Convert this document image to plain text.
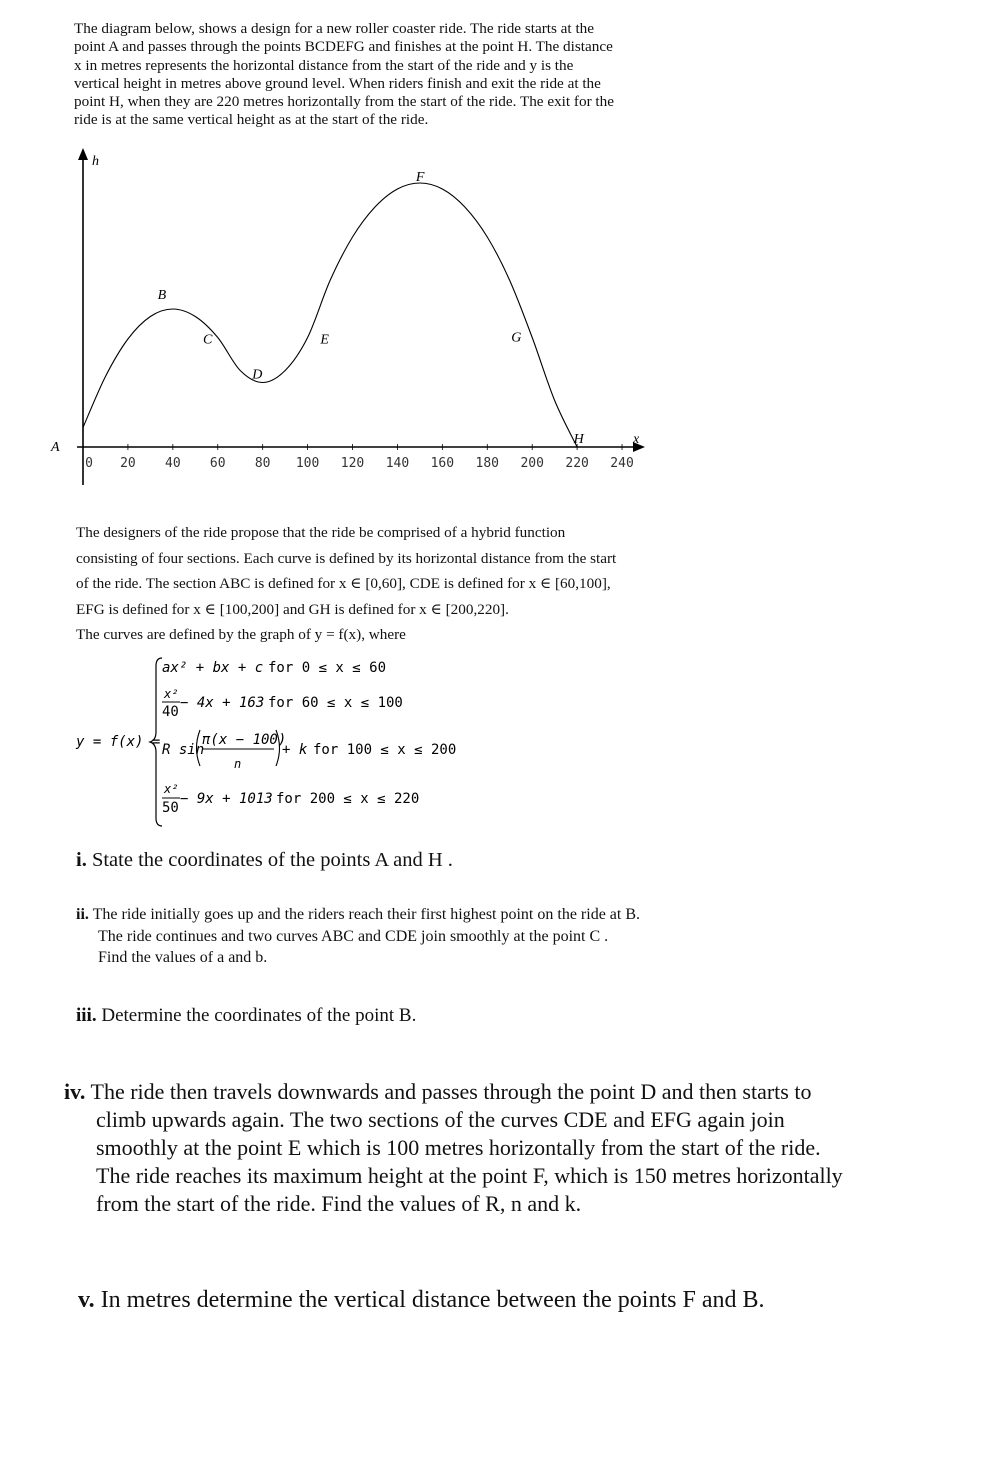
The diagram below, shows a design for a new roller coaster ride. The ride starts at the

point A and passes through the points BCDEFG and finishes at the point H. The distance

x in metres represents the horizontal distance from the start of the ride and y is the

vertical height in metres above ground level. When riders finish and exit the ride at the

point H, when they are 220 metres horizontally from the start of the ride. The exit for the

ride is at the same vertical height as at the start of the ride.

0 20 40 60 80 100 120 140 160 180 200 220 240
A
B
C
D
E
F
G
H	x
h

The designers of the ride propose that the ride be comprised of a hybrid function

consisting of four sections. Each curve is defined by its horizontal distance from the start

of the ride. The section ABC is defined for x ∈ [0,60], CDE is defined for x ∈ [60,100],

EFG is defined for x ∈ [100,200] and GH is defined for x ∈ [200,220].

The curves are defined by the graph of y = f(x), where

y = f(x) =
ax² + bx + c for 0 ≤ x ≤ 60
x²
40
− 4x + 163 for 60 ≤ x ≤ 100
R sin
π(x − 100)
n
+ k for 100 ≤ x ≤ 200
x²
50
− 9x + 1013 for 200 ≤ x ≤ 220
i. State the coordinates of the points A and H .
ii. The ride initially goes up and the riders reach their first highest point on the ride at B.
The ride continues and two curves ABC and CDE join smoothly at the point C .
Find the values of a and b.
iii. Determine the coordinates of the point B.
iv. The ride then travels downwards and passes through the point D and then starts to
climb upwards again. The two sections of the curves CDE and EFG again join
smoothly at the point E which is 100 metres horizontally from the start of the ride.
The ride reaches its maximum height at the point F, which is 150 metres horizontally
from the start of the ride. Find the values of R, n and k.
v. In metres determine the vertical distance between the points F and B.
